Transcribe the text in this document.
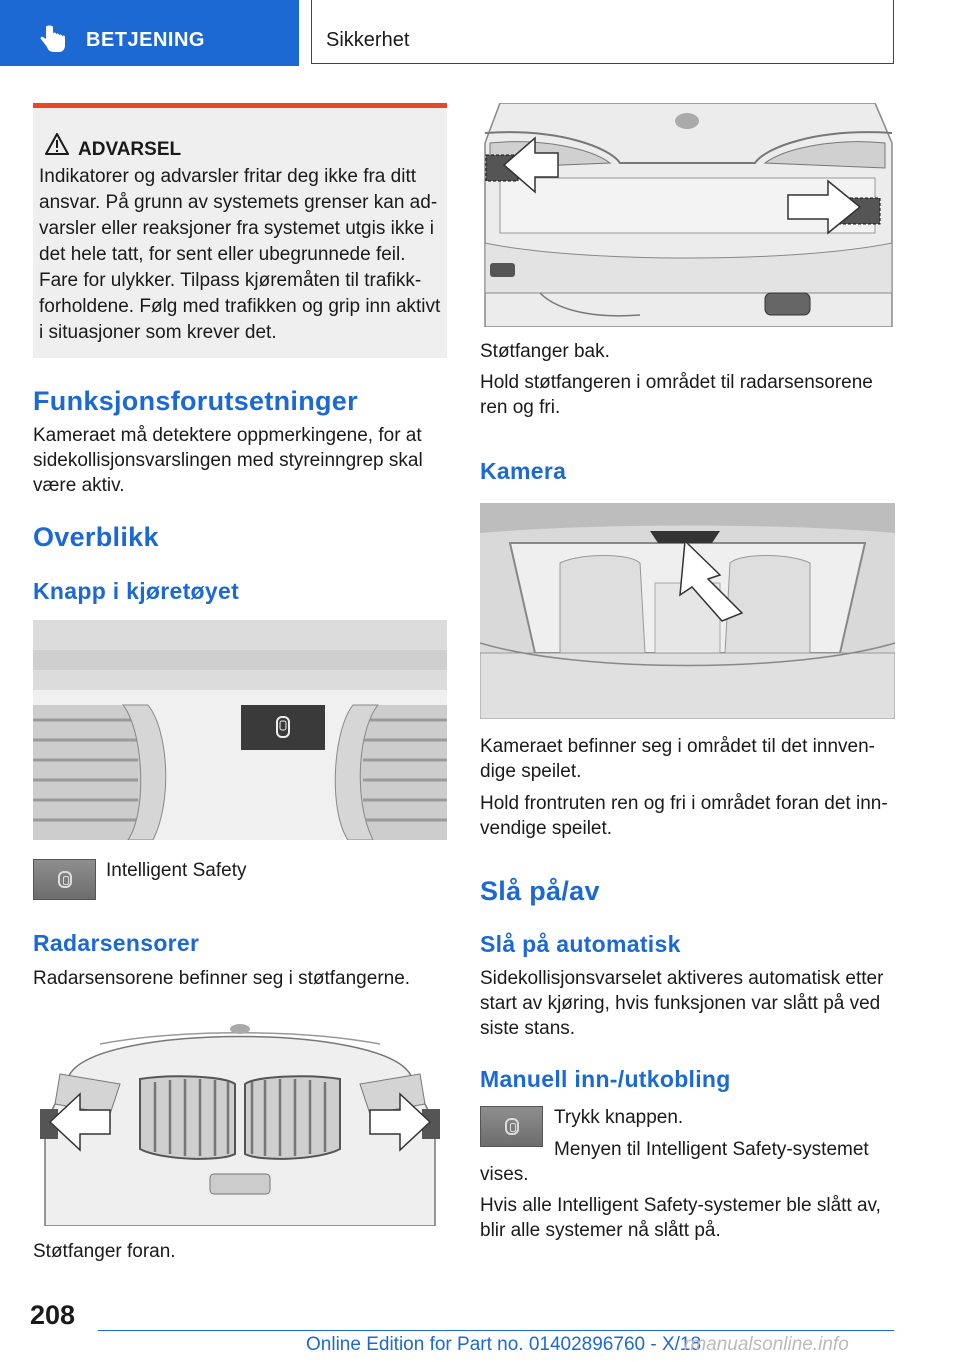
BETJENING	Sikkerhet
ADVARSEL
Indikatorer og advarsler fritar deg ikke fra ditt ansvar. På grunn av systemets grenser kan ad-varsler eller reaksjoner fra systemet utgis ikke i det hele tatt, for sent eller ubegrunnede feil. Fare for ulykker. Tilpass kjøremåten til trafikk-forholdene. Følg med trafikken og grip inn aktivt i situasjoner som krever det.
Funksjonsforutsetninger
Kameraet må detektere oppmerkingene, for at sidekollisjonsvarslingen med styreinngrep skal være aktiv.
Overblikk
Knapp i kjøretøyet
Intelligent Safety
Radarsensorer
Radarsensorene befinner seg i støtfangerne.
Støtfanger foran.
Støtfanger bak.
Hold støtfangeren i området til radarsensorene ren og fri.
Kamera
Kameraet befinner seg i området til det innven-dige speilet.
Hold frontruten ren og fri i området foran det inn-vendige speilet.
Slå på/av
Slå på automatisk
Sidekollisjonsvarselet aktiveres automatisk etter start av kjøring, hvis funksjonen var slått på ved siste stans.
Manuell inn-/utkobling
Trykk knappen.
Menyen til Intelligent Safety-systemet vises.
Hvis alle Intelligent Safety-systemer ble slått av, blir alle systemer nå slått på.
208
Online Edition for Part no. 01402896760 - X/18
rmanualsonline.info
